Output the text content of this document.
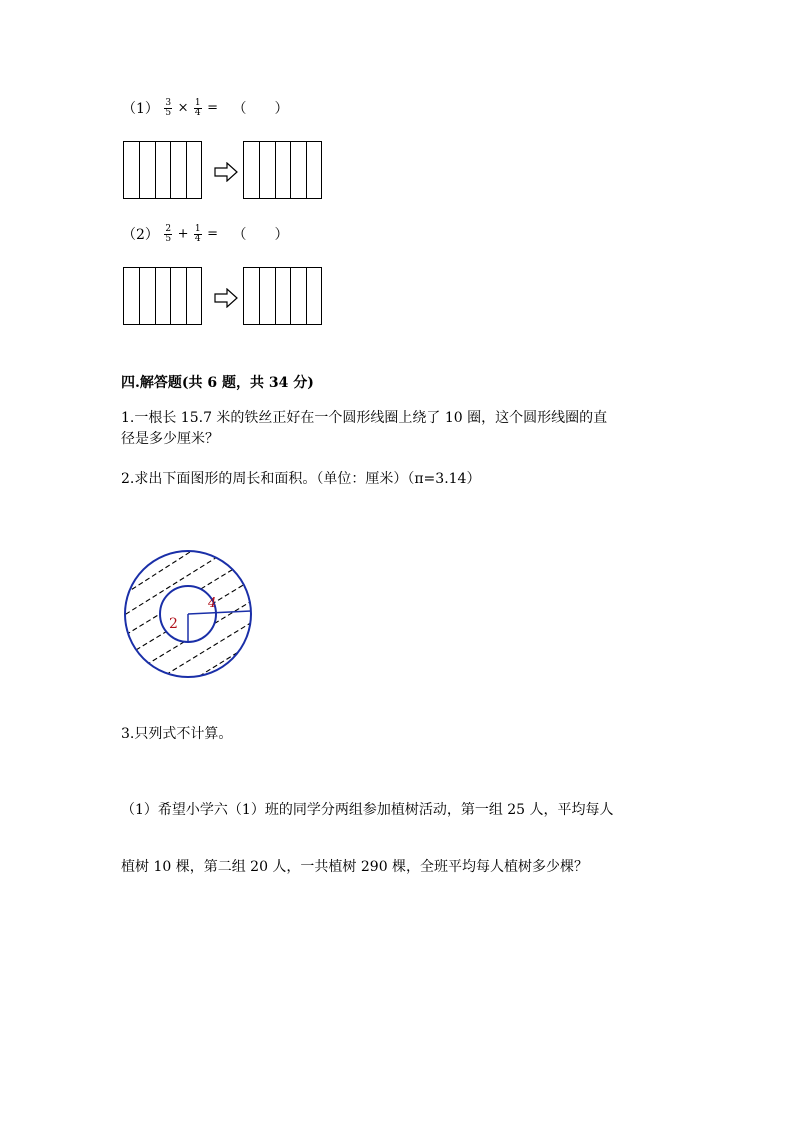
$(1) \frac{3}{5} \times \frac{1}{4}$ = （　　）
$(2) \frac{2}{5} + \frac{1}{4}$ = （　　）
四.解答题(共 6 题，共 34 分)
1.一根长 15.7 米的铁丝正好在一个圆形线圈上绕了 10 圈，这个圆形线圈的直
径是多少厘米？
2.求出下面图形的周长和面积。（单位：厘米）（π=3.14）
2
4
3.只列式不计算。
（1）希望小学六（1）班的同学分两组参加植树活动，第一组 25 人，平均每人
植树 10 棵，第二组 20 人，一共植树 290 棵，全班平均每人植树多少棵？
